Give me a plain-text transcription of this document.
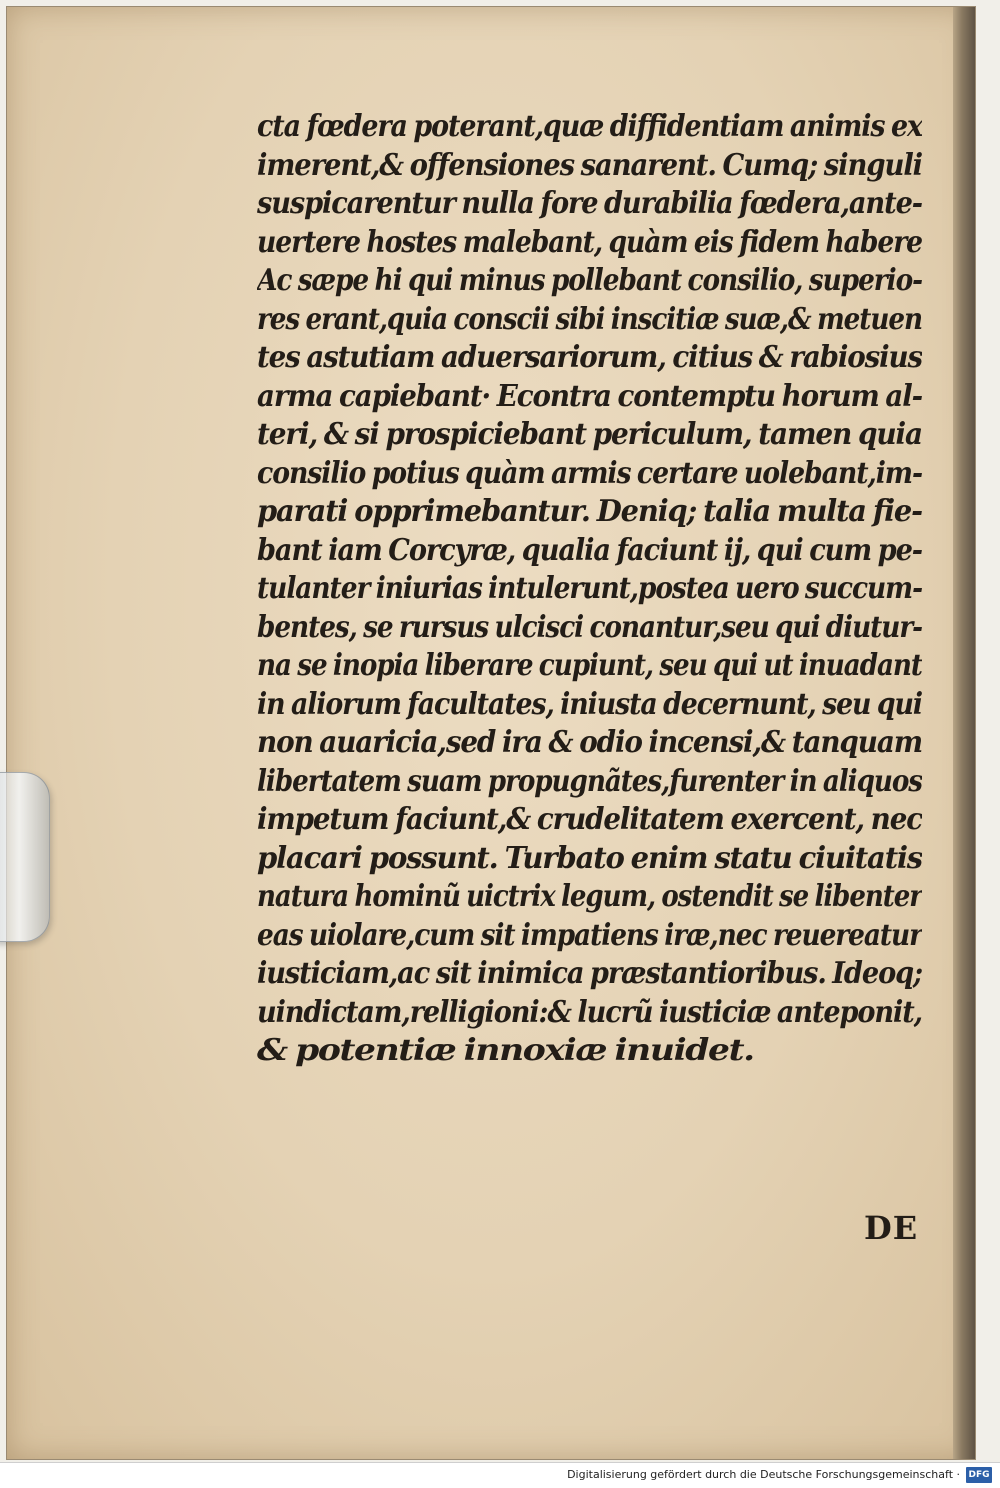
cta fœdera poterant,quæ diffidentiam animis ex
imerent,& offensiones sanarent. Cumq; singuli
suspicarentur nulla fore durabilia fœdera,ante-
uertere hostes malebant, quàm eis fidem habere
Ac sæpe hi qui minus pollebant consilio, superio-
res erant,quia conscii sibi inscitiæ suæ,& metuen
tes astutiam aduersariorum, citius & rabiosius
arma capiebant· Econtra contemptu horum al-
teri, & si prospiciebant periculum, tamen quia
consilio potius quàm armis certare uolebant,im-
parati opprimebantur. Deniq; talia multa fie-
bant iam Corcyræ, qualia faciunt ij, qui cum pe-
tulanter iniurias intulerunt,postea uero succum-
bentes, se rursus ulcisci conantur,seu qui diutur-
na se inopia liberare cupiunt, seu qui ut inuadant
in aliorum facultates, iniusta decernunt, seu qui
non auaricia,sed ira & odio incensi,& tanquam
libertatem suam propugnãtes,furenter in aliquos
impetum faciunt,& crudelitatem exercent, nec
placari possunt. Turbato enim statu ciuitatis
natura hominũ uictrix legum, ostendit se libenter
eas uiolare,cum sit impatiens iræ,nec reuereatur
iusticiam,ac sit inimica præstantioribus. Ideoq;
uindictam,relligioni:& lucrũ iusticiæ anteponit,
& potentiæ innoxiæ inuidet.
DE
Digitalisierung gefördert durch die Deutsche Forschungsgemeinschaft · DFG
